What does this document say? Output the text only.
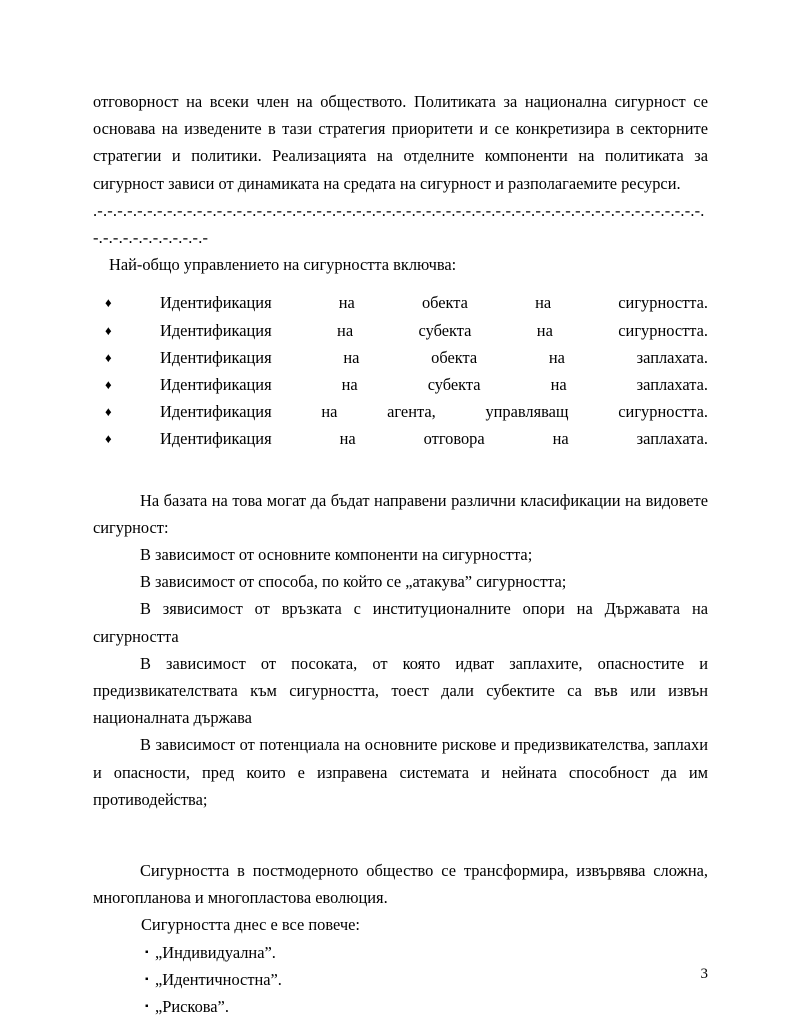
отговорност на всеки член на обществото. Политиката за национална сигурност се основава на изведените в тази стратегия приоритети и се конкретизира в секторните стратегии и политики. Реализацията на отделните компоненти на политиката за сигурност зависи от динамиката на средата на сигурност и разполагаемите ресурси.

.-.-.-.-.-.-.-.-.-.-.-.-.-.-.-.-.-.-.-.-.-.-.-.-.-.-.-.-.-.-.-.-.-.-.-.-.-.-.-.-.-.-.-.-.-.-.-.-.-.-.-.-.-.-.-.-.-.-.-.-.-.-.-.-.-.-.-.-.-.-.-.-.-

Най-общо управлението на сигурността включва:

♦	Идентификация на обекта на сигурността.
♦	Идентификация на субекта на сигурността.
♦	Идентификация на обекта на заплахата.
♦	Идентификация на субекта на заплахата.
♦	Идентификация на агента, управляващ сигурността.
♦	Идентификация на отговора на заплахата.

На базата на това могат да бъдат направени различни класификации на видовете сигурност:

В зависимост от основните компоненти на сигурността;

В зависимост от способа, по който се „атакува” сигурността;

В зявисимост от връзката с институционалните опори на Държавата на сигурността

В зависимост от посоката, от която идват заплахите, опасностите и предизвикателствата към сигурността, тоест дали субектите са във или извън националната държава

В зависимост от потенциала на основните рискове и предизвикателства, заплахи и опасности, пред които е изправена системата и нейната способност да им противодейства;

Сигурността в постмодерното общество се трансформира, извървява сложна, многопланова и многопластова еволюция.

Сигурността днес е все повече:

▪ „Индивидуална”.
▪ „Идентичностна”.
▪ „Рискова”.
3
